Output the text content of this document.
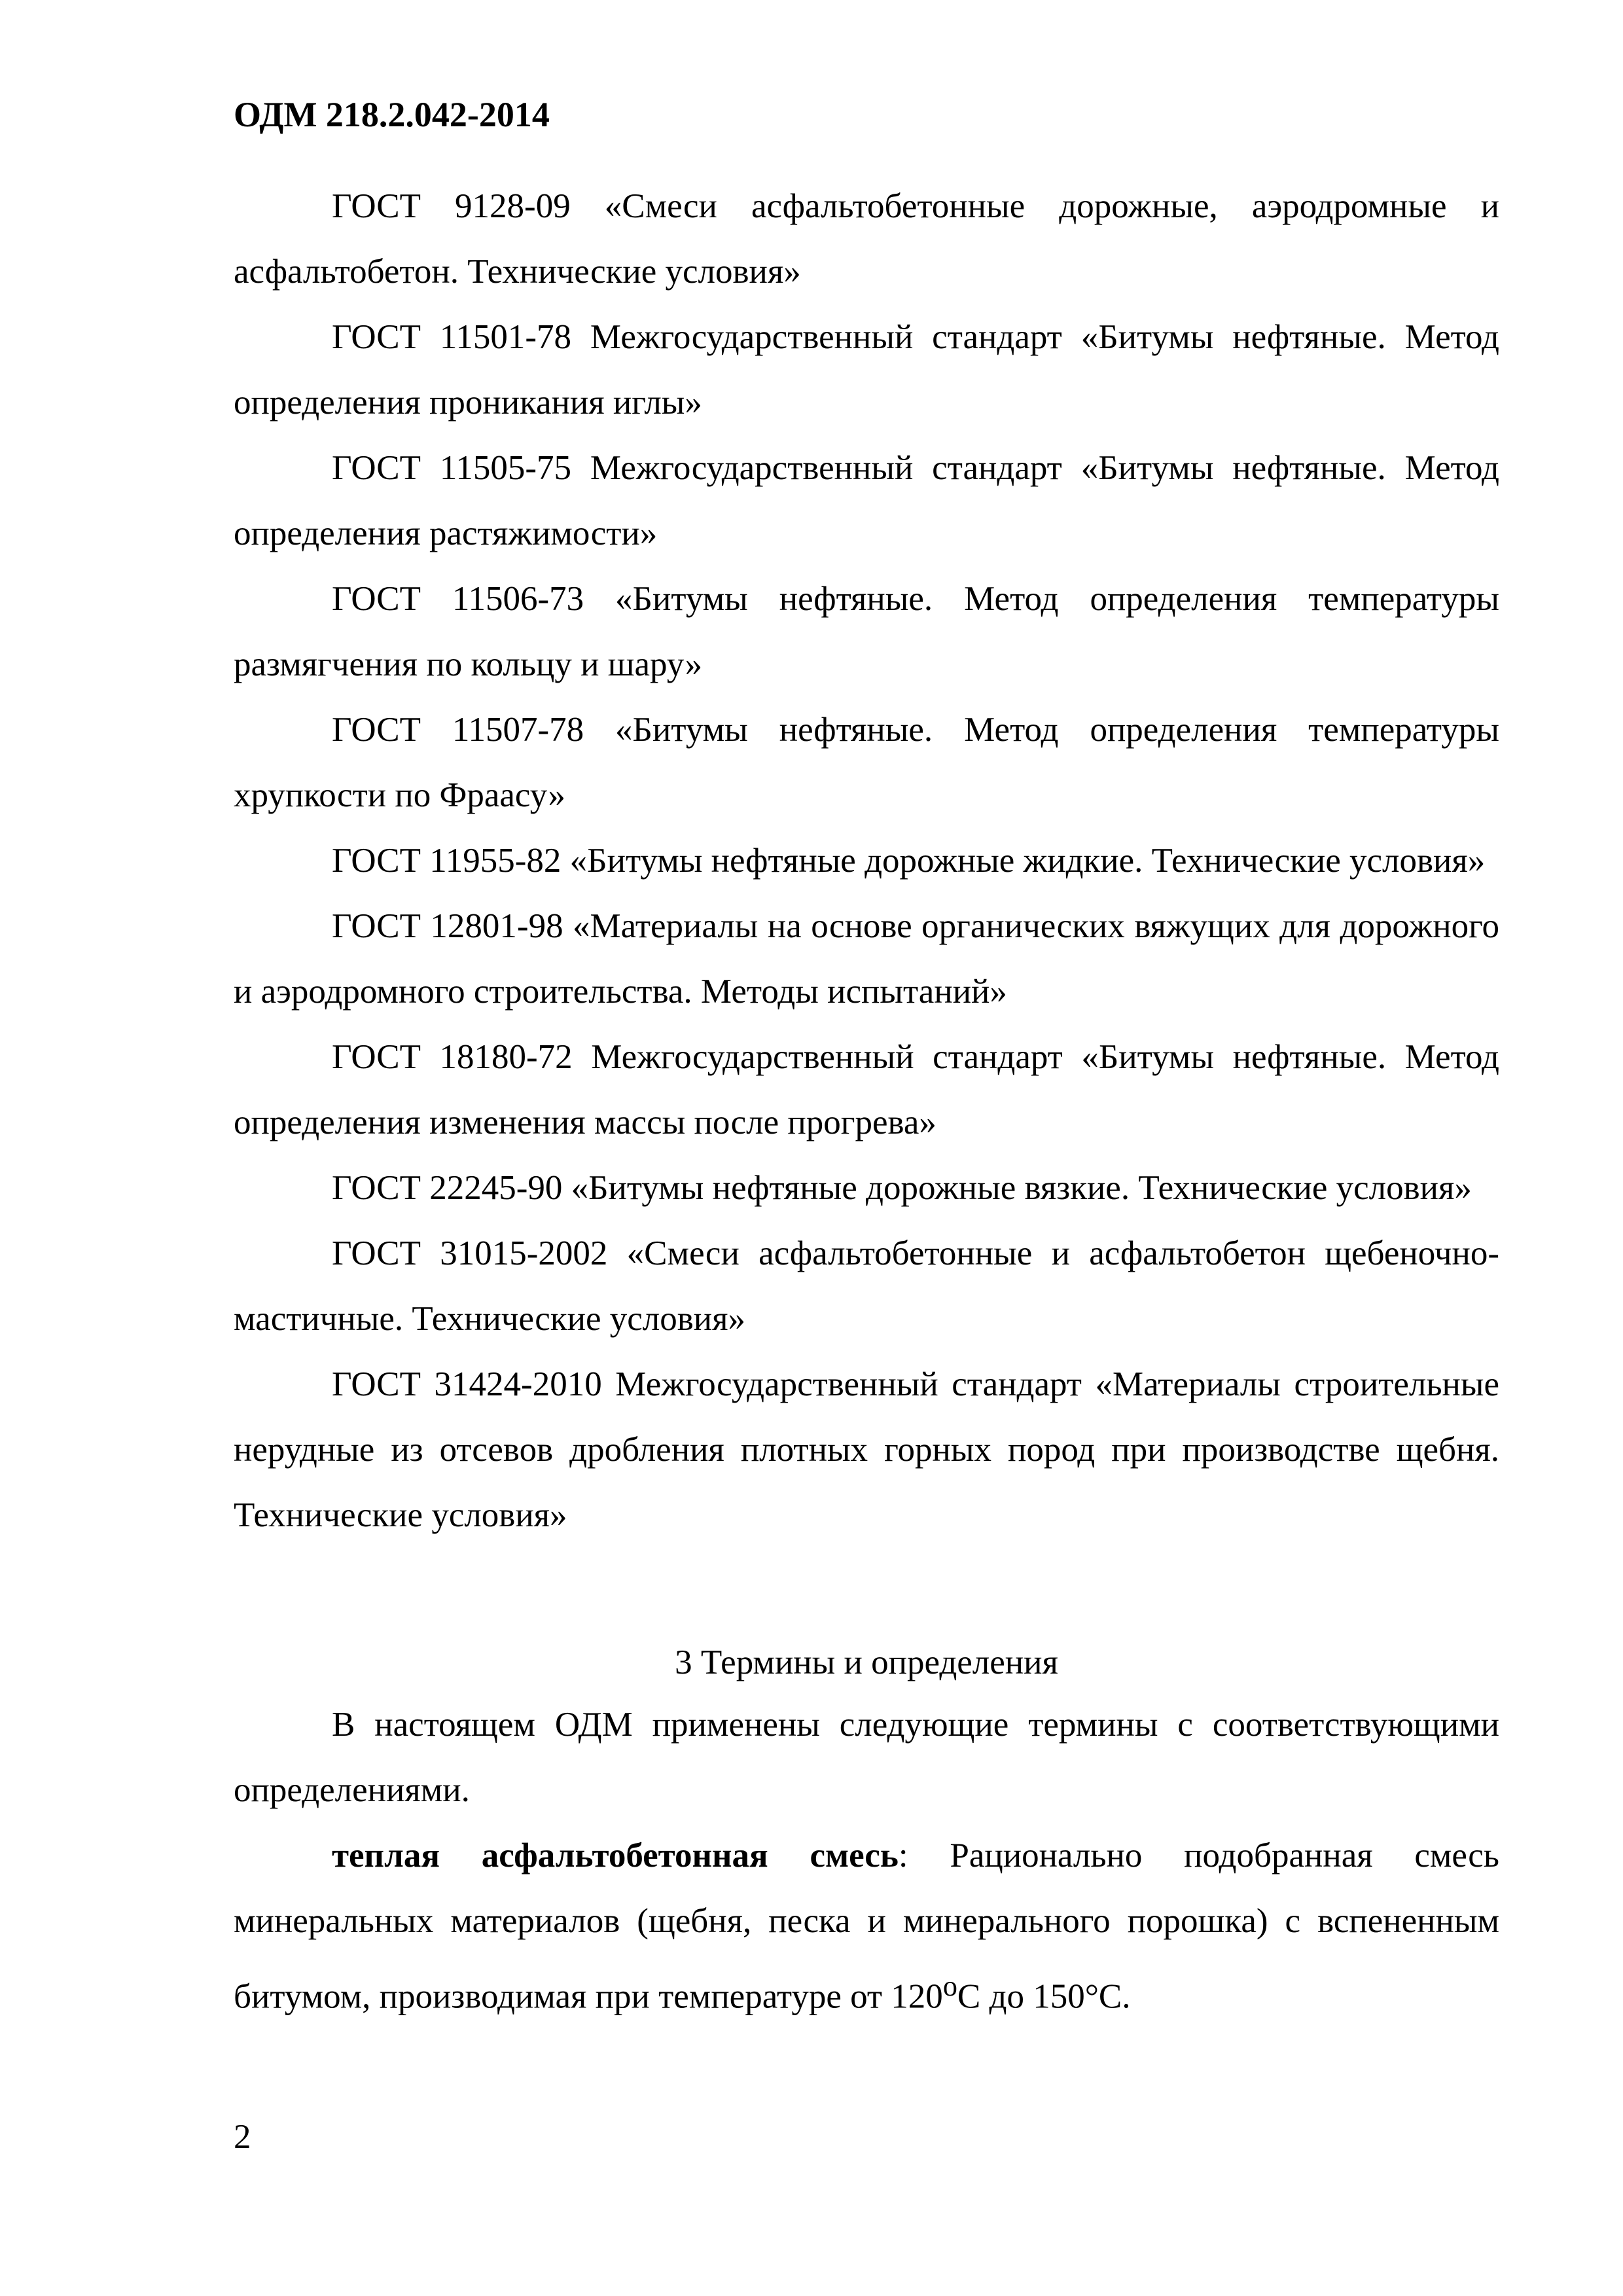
ОДМ 218.2.042-2014

ГОСТ 9128-09 «Смеси асфальтобетонные дорожные, аэродромные и асфальтобетон. Технические условия»

ГОСТ 11501-78 Межгосударственный стандарт «Битумы нефтяные. Метод определения проникания иглы»

ГОСТ 11505-75 Межгосударственный стандарт «Битумы нефтяные. Метод определения растяжимости»

ГОСТ 11506-73 «Битумы нефтяные. Метод определения температуры размягчения по кольцу и шару»

ГОСТ 11507-78 «Битумы нефтяные. Метод определения температуры хрупкости по Фраасу»

ГОСТ 11955-82 «Битумы нефтяные дорожные жидкие. Технические условия»

ГОСТ 12801-98 «Материалы на основе органических вяжущих для дорожного и аэродромного строительства. Методы испытаний»

ГОСТ 18180-72 Межгосударственный стандарт «Битумы нефтяные. Метод определения изменения массы после прогрева»

ГОСТ 22245-90 «Битумы нефтяные дорожные вязкие. Технические условия»

ГОСТ 31015-2002 «Смеси асфальтобетонные и асфальтобетон щебеночно-мастичные. Технические условия»

ГОСТ 31424-2010 Межгосударственный стандарт «Материалы строительные нерудные из отсевов дробления плотных горных пород при производстве щебня. Технические условия»

3 Термины и определения

В настоящем ОДМ применены следующие термины с соответствующими определениями.

теплая асфальтобетонная смесь: Рационально подобранная смесь минеральных материалов (щебня, песка и минерального порошка) с вспененным битумом, производимая при температуре от $120^оС$ до 150°С.

2
